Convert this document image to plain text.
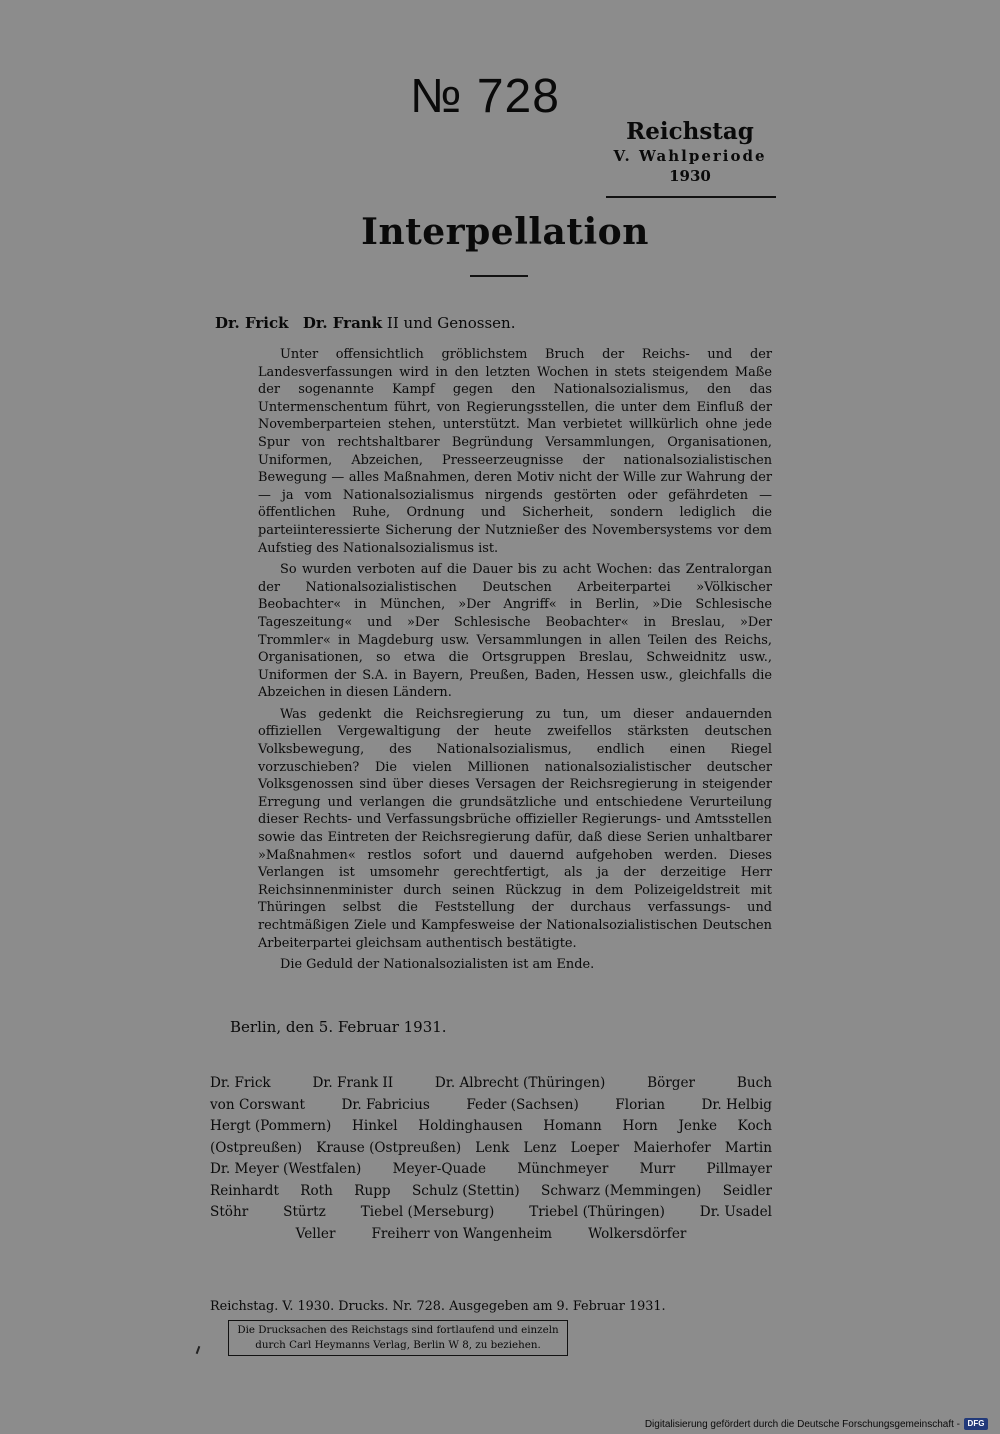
№ 728
Reichstag
V. Wahlperiode
1930
Interpellation
Dr. Frick Dr. Frank II und Genossen.

Unter offensichtlich gröblichstem Bruch der Reichs- und der Landesverfassungen wird in den letzten Wochen in stets steigendem Maße der sogenannte Kampf gegen den Nationalsozialismus, den das Untermenschentum führt, von Regierungsstellen, die unter dem Einfluß der Novemberparteien stehen, unterstützt. Man verbietet willkürlich ohne jede Spur von rechtshaltbarer Begründung Versammlungen, Organisationen, Uniformen, Abzeichen, Presseerzeugnisse der nationalsozialistischen Bewegung — alles Maßnahmen, deren Motiv nicht der Wille zur Wahrung der — ja vom Nationalsozialismus nirgends gestörten oder gefährdeten — öffentlichen Ruhe, Ordnung und Sicherheit, sondern lediglich die parteiinteressierte Sicherung der Nutznießer des Novembersystems vor dem Aufstieg des Nationalsozialismus ist.

So wurden verboten auf die Dauer bis zu acht Wochen: das Zentralorgan der Nationalsozialistischen Deutschen Arbeiterpartei »Völkischer Beobachter« in München, »Der Angriff« in Berlin, »Die Schlesische Tageszeitung« und »Der Schlesische Beobachter« in Breslau, »Der Trommler« in Magdeburg usw. Versammlungen in allen Teilen des Reichs, Organisationen, so etwa die Ortsgruppen Breslau, Schweidnitz usw., Uniformen der S.A. in Bayern, Preußen, Baden, Hessen usw., gleichfalls die Abzeichen in diesen Ländern.

Was gedenkt die Reichsregierung zu tun, um dieser andauernden offiziellen Vergewaltigung der heute zweifellos stärksten deutschen Volksbewegung, des Nationalsozialismus, endlich einen Riegel vorzuschieben? Die vielen Millionen nationalsozialistischer deutscher Volksgenossen sind über dieses Versagen der Reichsregierung in steigender Erregung und verlangen die grundsätzliche und entschiedene Verurteilung dieser Rechts- und Verfassungsbrüche offizieller Regierungs- und Amtsstellen sowie das Eintreten der Reichsregierung dafür, daß diese Serien unhaltbarer »Maßnahmen« restlos sofort und dauernd aufgehoben werden. Dieses Verlangen ist umsomehr gerechtfertigt, als ja der derzeitige Herr Reichsinnenminister durch seinen Rückzug in dem Polizeigeldstreit mit Thüringen selbst die Feststellung der durchaus verfassungs- und rechtmäßigen Ziele und Kampfesweise der Nationalsozialistischen Deutschen Arbeiterpartei gleichsam authentisch bestätigte.

Die Geduld der Nationalsozialisten ist am Ende.

Berlin, den 5. Februar 1931.
Dr. Frick	Dr. Frank II	Dr. Albrecht (Thüringen)	Börger	Buch
von Corswant	Dr. Fabricius	Feder (Sachsen)	Florian	Dr. Helbig
Hergt (Pommern) Hinkel Holdinghausen Homann Horn Jenke Koch
(Ostpreußen) Krause (Ostpreußen) Lenk Lenz Loeper Maierhofer Martin
Dr. Meyer (Westfalen) Meyer-Quade Münchmeyer Murr Pillmayer
Reinhardt Roth Rupp Schulz (Stettin) Schwarz (Memmingen) Seidler
Stöhr	Stürtz	Tiebel (Merseburg)	Triebel (Thüringen)	Dr. Usadel
Veller	Freiherr von Wangenheim	Wolkersdörfer
Reichstag. V. 1930. Drucks. Nr. 728. Ausgegeben am 9. Februar 1931.
Die Drucksachen des Reichstags sind fortlaufend und einzeln
durch Carl Heymanns Verlag, Berlin W 8, zu beziehen.
Digitalisierung gefördert durch die Deutsche Forschungsgemeinschaft - DFG
